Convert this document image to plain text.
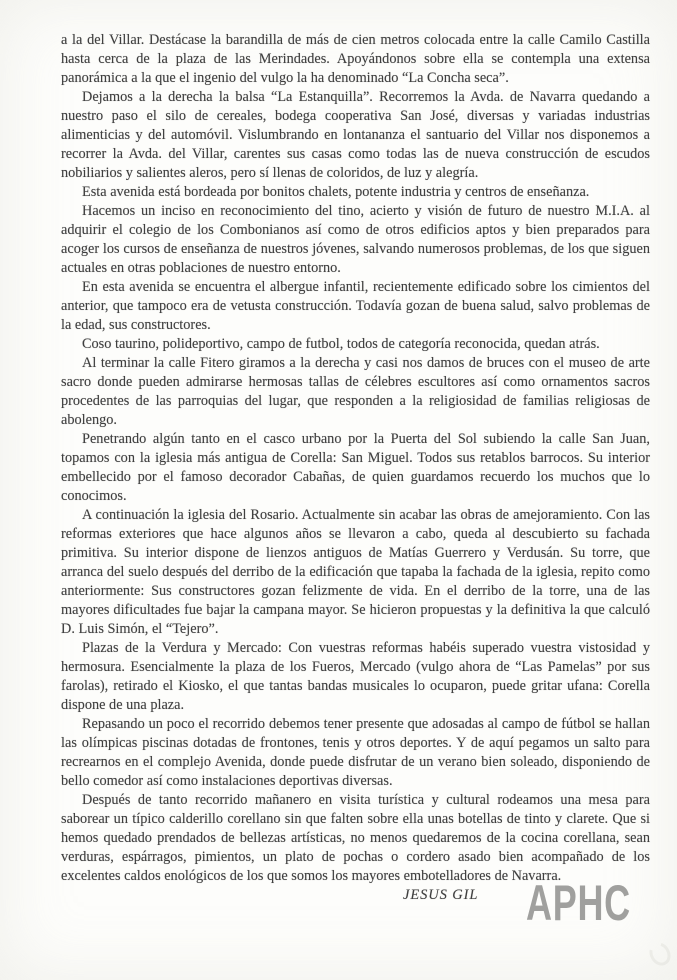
a la del Villar. Destácase la barandilla de más de cien metros colocada entre la calle Camilo Castilla hasta cerca de la plaza de las Merindades. Apoyándonos sobre ella se contempla una extensa panorámica a la que el ingenio del vulgo la ha denominado “La Concha seca”.

Dejamos a la derecha la balsa “La Estanquilla”. Recorremos la Avda. de Navarra quedando a nuestro paso el silo de cereales, bodega cooperativa San José, diversas y variadas industrias alimenticias y del automóvil. Vislumbrando en lontananza el santuario del Villar nos disponemos a recorrer la Avda. del Villar, carentes sus casas como todas las de nueva construcción de escudos nobiliarios y salientes aleros, pero sí llenas de coloridos, de luz y alegría.

Esta avenida está bordeada por bonitos chalets, potente industria y centros de enseñanza.

Hacemos un inciso en reconocimiento del tino, acierto y visión de futuro de nuestro M.I.A. al adquirir el colegio de los Combonianos así como de otros edificios aptos y bien preparados para acoger los cursos de enseñanza de nuestros jóvenes, salvando numerosos problemas, de los que siguen actuales en otras poblaciones de nuestro entorno.

En esta avenida se encuentra el albergue infantil, recientemente edificado sobre los cimientos del anterior, que tampoco era de vetusta construcción. Todavía gozan de buena salud, salvo problemas de la edad, sus constructores.

Coso taurino, polideportivo, campo de futbol, todos de categoría reconocida, quedan atrás.

Al terminar la calle Fitero giramos a la derecha y casi nos damos de bruces con el museo de arte sacro donde pueden admirarse hermosas tallas de célebres escultores así como ornamentos sacros procedentes de las parroquias del lugar, que responden a la religiosidad de familias religiosas de abolengo.

Penetrando algún tanto en el casco urbano por la Puerta del Sol subiendo la calle San Juan, topamos con la iglesia más antigua de Corella: San Miguel. Todos sus retablos barrocos. Su interior embellecido por el famoso decorador Cabañas, de quien guardamos recuerdo los muchos que lo conocimos.

A continuación la iglesia del Rosario. Actualmente sin acabar las obras de amejoramiento. Con las reformas exteriores que hace algunos años se llevaron a cabo, queda al descubierto su fachada primitiva. Su interior dispone de lienzos antiguos de Matías Guerrero y Verdusán. Su torre, que arranca del suelo después del derribo de la edificación que tapaba la fachada de la iglesia, repito como anteriormente: Sus constructores gozan felizmente de vida. En el derribo de la torre, una de las mayores dificultades fue bajar la campana mayor. Se hicieron propuestas y la definitiva la que calculó D. Luis Simón, el “Tejero”.

Plazas de la Verdura y Mercado: Con vuestras reformas habéis superado vuestra vistosidad y hermosura. Esencialmente la plaza de los Fueros, Mercado (vulgo ahora de “Las Pamelas” por sus farolas), retirado el Kiosko, el que tantas bandas musicales lo ocuparon, puede gritar ufana: Corella dispone de una plaza.

Repasando un poco el recorrido debemos tener presente que adosadas al campo de fútbol se hallan las olímpicas piscinas dotadas de frontones, tenis y otros deportes. Y de aquí pegamos un salto para recrearnos en el complejo Avenida, donde puede disfrutar de un verano bien soleado, disponiendo de bello comedor así como instalaciones deportivas diversas.

Después de tanto recorrido mañanero en visita turística y cultural rodeamos una mesa para saborear un típico calderillo corellano sin que falten sobre ella unas botellas de tinto y clarete. Que si hemos quedado prendados de bellezas artísticas, no menos quedaremos de la cocina corellana, sean verduras, espárragos, pimientos, un plato de pochas o cordero asado bien acompañado de los excelentes caldos enológicos de los que somos los mayores embotelladores de Navarra.

JESUS GIL APHC
